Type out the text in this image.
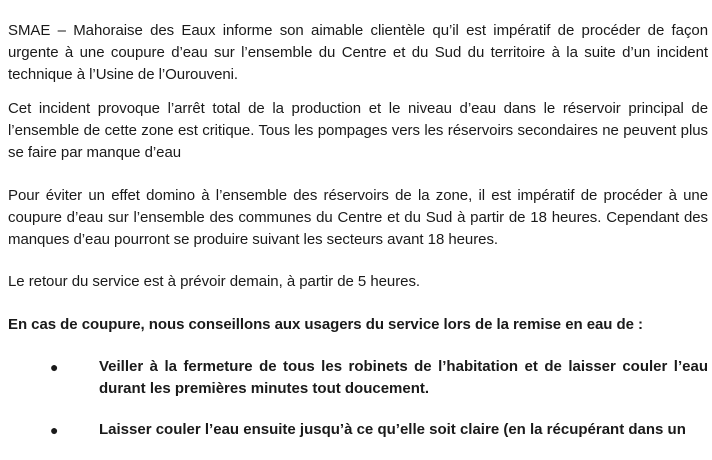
SMAE – Mahoraise des Eaux informe son aimable clientèle qu’il est impératif de procéder de façon urgente à une coupure d’eau sur l’ensemble du Centre et du Sud du territoire à la suite d’un incident technique à l’Usine de l’Ourouveni.

Cet incident provoque l’arrêt total de la production et le niveau d’eau dans le réservoir principal de l’ensemble de cette zone est critique. Tous les pompages vers les réservoirs secondaires ne peuvent plus se faire par manque d’eau

Pour éviter un effet domino à l’ensemble des réservoirs de la zone, il est impératif de procéder à une coupure d’eau sur l’ensemble des communes du Centre et du Sud à partir de 18 heures. Cependant des manques d’eau pourront se produire suivant les secteurs avant 18 heures.

Le retour du service est à prévoir demain, à partir de 5 heures.

En cas de coupure, nous conseillons aux usagers du service lors de la remise en eau de :

●	Veiller à la fermeture de tous les robinets de l’habitation et de laisser couler l’eau durant les premières minutes tout doucement.
●	Laisser couler l’eau ensuite jusqu’à ce qu’elle soit claire (en la récupérant dans un
